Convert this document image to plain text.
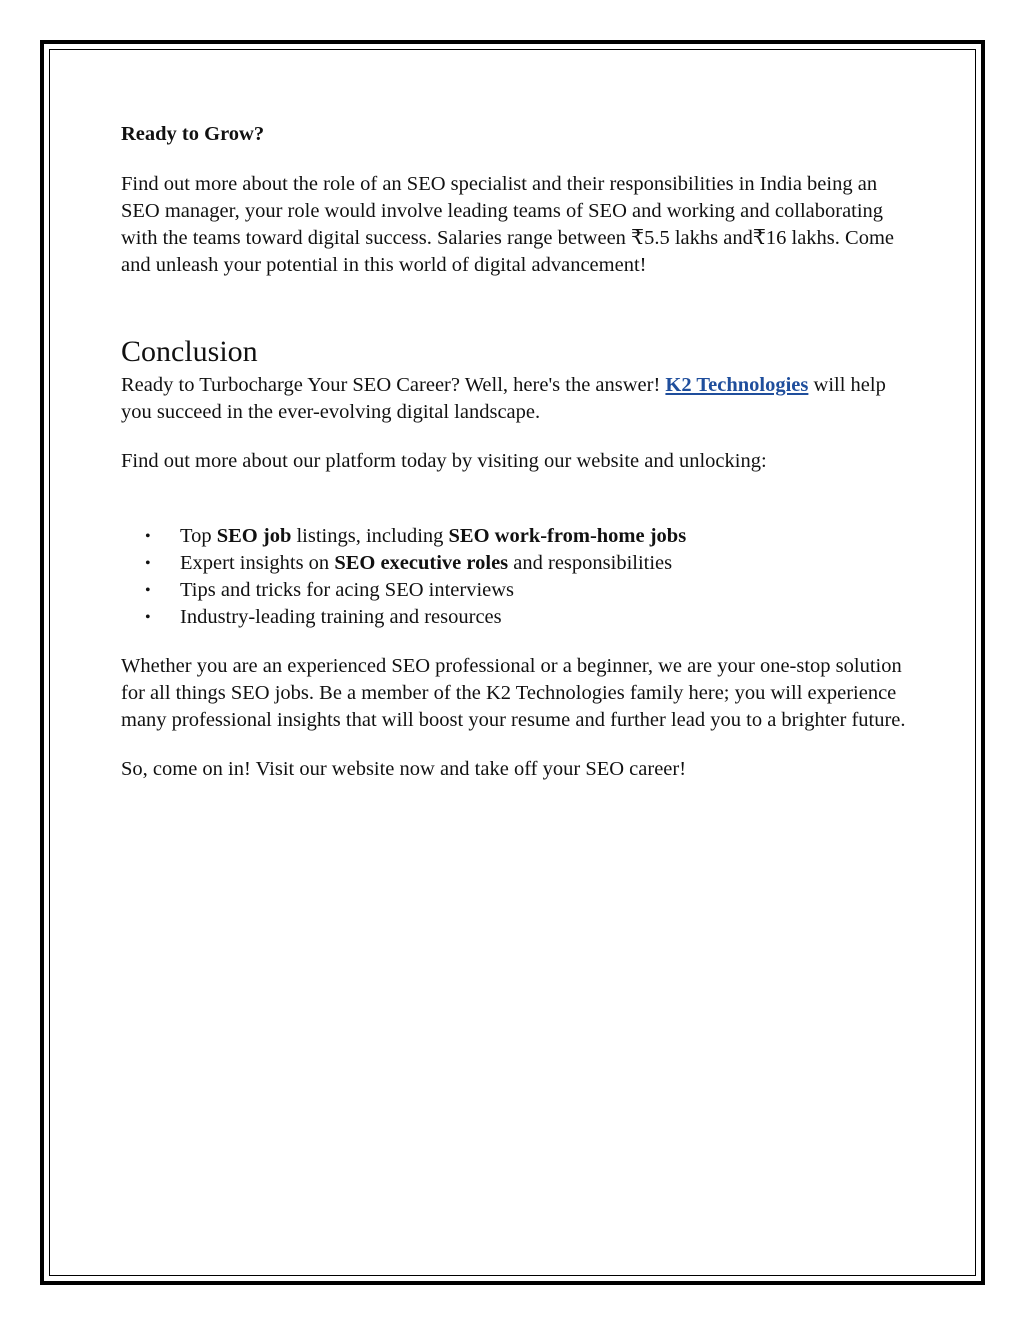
Ready to Grow?

Find out more about the role of an SEO specialist and their responsibilities in India being an SEO manager, your role would involve leading teams of SEO and working and collaborating with the teams toward digital success. Salaries range between ₹5.5 lakhs and₹16 lakhs. Come and unleash your potential in this world of digital advancement!

Conclusion

Ready to Turbocharge Your SEO Career? Well, here's the answer! K2 Technologies will help you succeed in the ever-evolving digital landscape.

Find out more about our platform today by visiting our website and unlocking:

• Top SEO job listings, including SEO work-from-home jobs
• Expert insights on SEO executive roles and responsibilities
• Tips and tricks for acing SEO interviews
• Industry-leading training and resources

Whether you are an experienced SEO professional or a beginner, we are your one-stop solution for all things SEO jobs. Be a member of the K2 Technologies family here; you will experience many professional insights that will boost your resume and further lead you to a brighter future.

So, come on in! Visit our website now and take off your SEO career!
